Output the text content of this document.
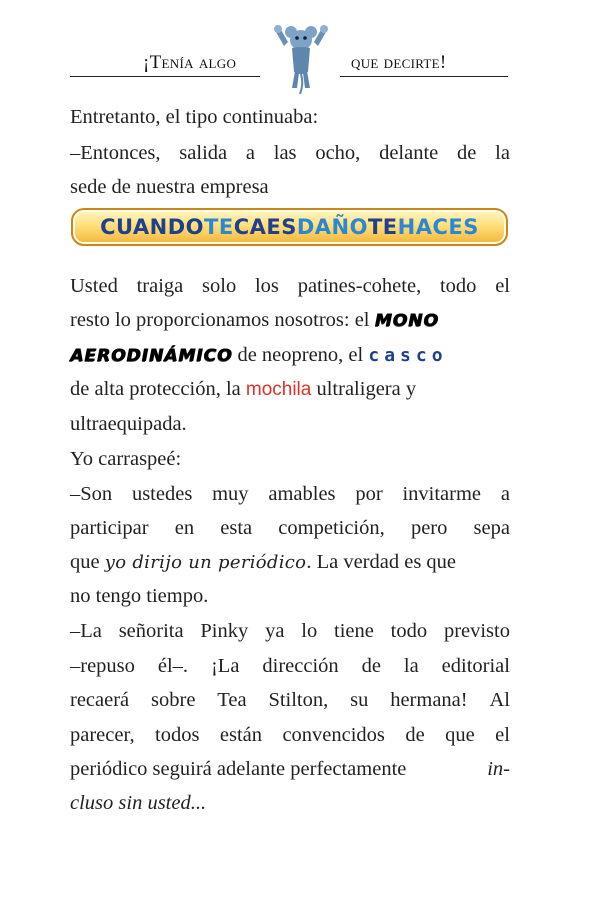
¡Tenía algo	que decirte!
Entretanto, el tipo continuaba:
–Entonces, salida a las ocho, delante de la
sede de nuestra empresa
Usted traiga solo los patines-cohete, todo el
resto lo proporcionamos nosotros: el MONO
AERODINÁMICO de neopreno, el casco
de alta protección, la mochila ultraligera y
ultraequipada.
Yo carraspeé:
–Son ustedes muy amables por invitarme a
participar en esta competición, pero sepa
que yo dirijo un periódico. La verdad es que
no tengo tiempo.
–La señorita Pinky ya lo tiene todo previsto
–repuso él–. ¡La dirección de la editorial
recaerá sobre Tea Stilton, su hermana! Al
parecer, todos están convencidos de que el
periódico seguirá adelante perfectamente	in-
cluso sin usted...
CUANDOTECAESDAÑOTEHACES
